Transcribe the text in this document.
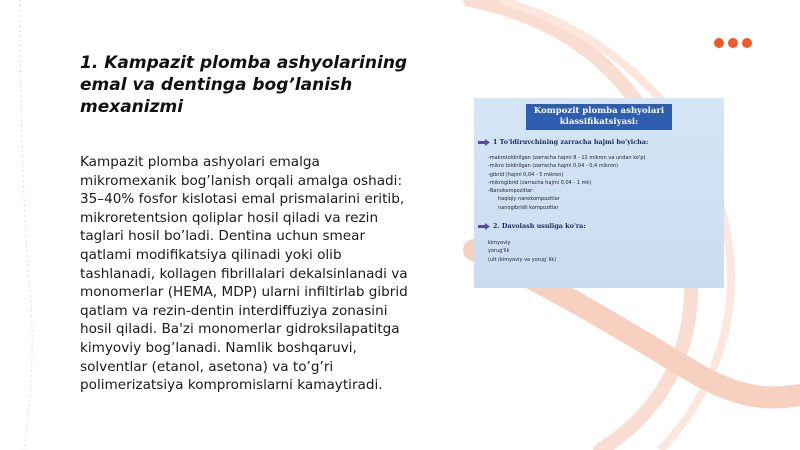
1. Kampazit plomba ashyolarining emal va dentinga bog’lanish mexanizmi
Kampazit plomba ashyolari emalga mikromexanik bog’lanish orqali amalga oshadi: 35–40% fosfor kislotasi emal prismalarini eritib, mikroretentsion qoliplar hosil qiladi va rezin taglari hosil bo’ladi. Dentina uchun smear qatlami modifikatsiya qilinadi yoki olib tashlanadi, kollagen fibrillalari dekalsinlanadi va monomerlar (HEMA, MDP) ularni infiltirlab gibrid qatlam va rezin-dentin interdiffuziya zonasini hosil qiladi. Ba'zi monomerlar gidroksilapatitga kimyoviy bog’lanadi. Namlik boshqaruvi, solventlar (etanol, asetona) va to’g’ri polimerizatsiya kompromislarni kamaytiradi.
Kompozit plomba ashyolari klassifikatsiyasi:
1 To'ldiruvchining zarracha hajmi bo'yicha:
-makrotoldirilgan (zarracha hajmi 8 - 12 mikron va undan ko'p)
-mikro toldirilgan (zarracha hajmi 0,04 - 0,4 mikron)
-gibrid (hajmi 0,04 - 5 mikron)
-mikrogibrid (zarracha hajmi 0,04 - 1 mk)
-Nanokompozitlar:
haqiqiy nanokompozitlar
nanogibridli kompozitlar
2. Davolash usuliga ko'ra:
kimyoviy
yorug'lik
(ult (kimyoviy va yorug`lik)
